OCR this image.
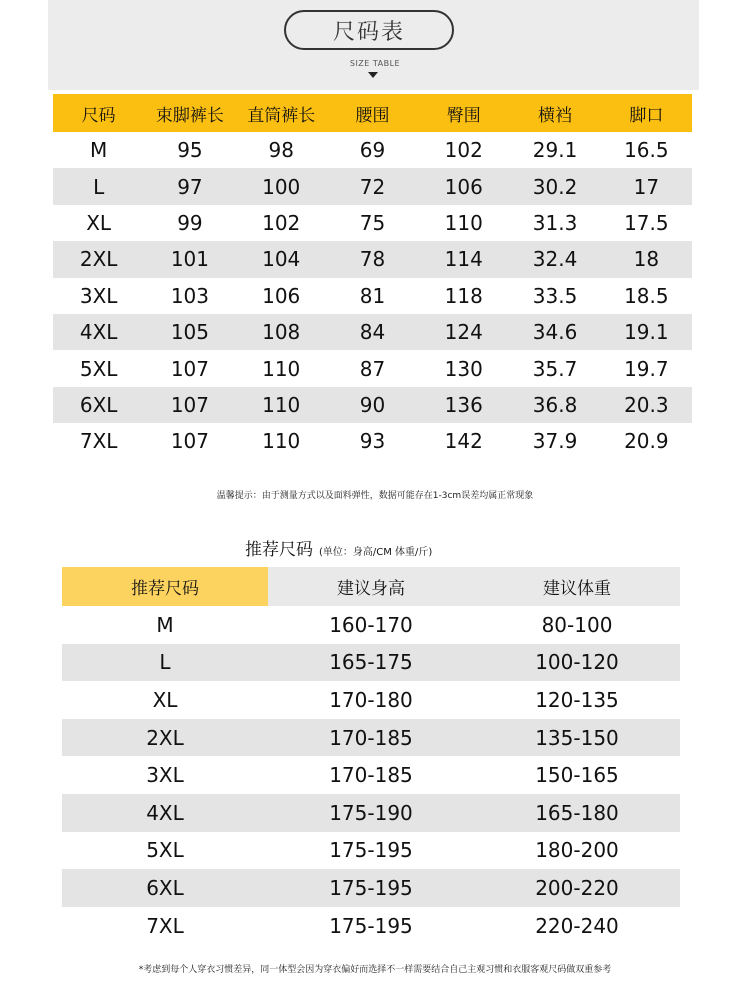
尺码表
SIZE TABLE
尺码	束脚裤长	直筒裤长	腰围	臀围	横裆	脚口
M	95	98	69	102	29.1	16.5
L	97	100	72	106	30.2	17
XL	99	102	75	110	31.3	17.5
2XL	101	104	78	114	32.4	18
3XL	103	106	81	118	33.5	18.5
4XL	105	108	84	124	34.6	19.1
5XL	107	110	87	130	35.7	19.7
6XL	107	110	90	136	36.8	20.3
7XL	107	110	93	142	37.9	20.9
温馨提示：由于测量方式以及面料弹性，数据可能存在1-3cm误差均属正常现象
推荐尺码 (单位：身高/CM 体重/斤)
推荐尺码	建议身高	建议体重
M	160-170	80-100
L	165-175	100-120
XL	170-180	120-135
2XL	170-185	135-150
3XL	170-185	150-165
4XL	175-190	165-180
5XL	175-195	180-200
6XL	175-195	200-220
7XL	175-195	220-240
*考虑到每个人穿衣习惯差异，同一体型会因为穿衣偏好而选择不一样需要结合自己主观习惯和衣服客观尺码做双重参考
